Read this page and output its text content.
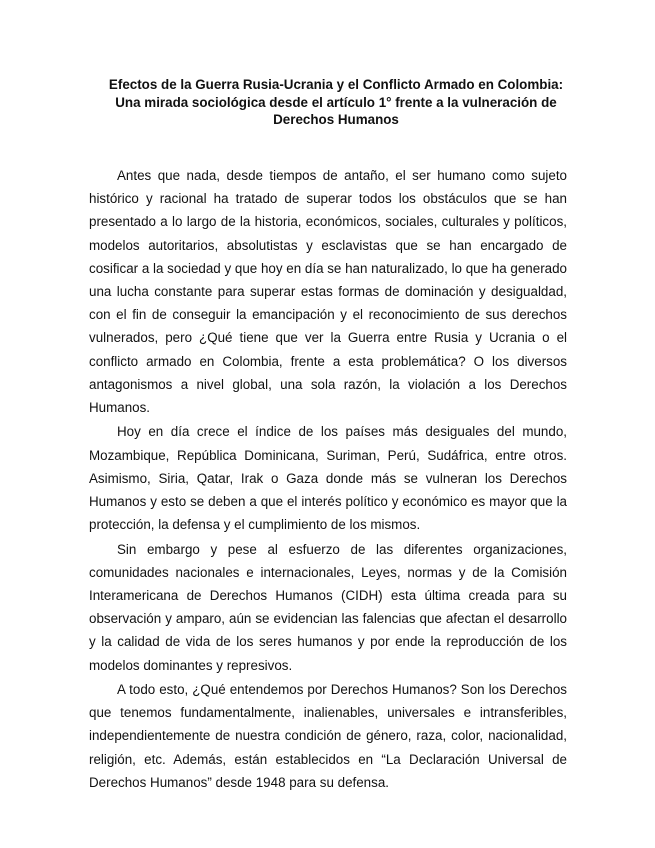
Efectos de la Guerra Rusia-Ucrania y el Conflicto Armado en Colombia:
Una mirada sociológica desde el artículo 1° frente a la vulneración de
Derechos Humanos

Antes que nada, desde tiempos de antaño, el ser humano como sujeto histórico y racional ha tratado de superar todos los obstáculos que se han presentado a lo largo de la historia, económicos, sociales, culturales y políticos, modelos autoritarios, absolutistas y esclavistas que se han encargado de cosificar a la sociedad y que hoy en día se han naturalizado, lo que ha generado una lucha constante para superar estas formas de dominación y desigualdad, con el fin de conseguir la emancipación y el reconocimiento de sus derechos vulnerados, pero ¿Qué tiene que ver la Guerra entre Rusia y Ucrania o el conflicto armado en Colombia, frente a esta problemática? O los diversos antagonismos a nivel global, una sola razón, la violación a los Derechos Humanos.

Hoy en día crece el índice de los países más desiguales del mundo, Mozambique, República Dominicana, Suriman, Perú, Sudáfrica, entre otros. Asimismo, Siria, Qatar, Irak o Gaza donde más se vulneran los Derechos Humanos y esto se deben a que el interés político y económico es mayor que la protección, la defensa y el cumplimiento de los mismos.

Sin embargo y pese al esfuerzo de las diferentes organizaciones, comunidades nacionales e internacionales, Leyes, normas y de la Comisión Interamericana de Derechos Humanos (CIDH) esta última creada para su observación y amparo, aún se evidencian las falencias que afectan el desarrollo y la calidad de vida de los seres humanos y por ende la reproducción de los modelos dominantes y represivos.

A todo esto, ¿Qué entendemos por Derechos Humanos? Son los Derechos que tenemos fundamentalmente, inalienables, universales e intransferibles, independientemente de nuestra condición de género, raza, color, nacionalidad, religión, etc. Además, están establecidos en “La Declaración Universal de Derechos Humanos” desde 1948 para su defensa.
